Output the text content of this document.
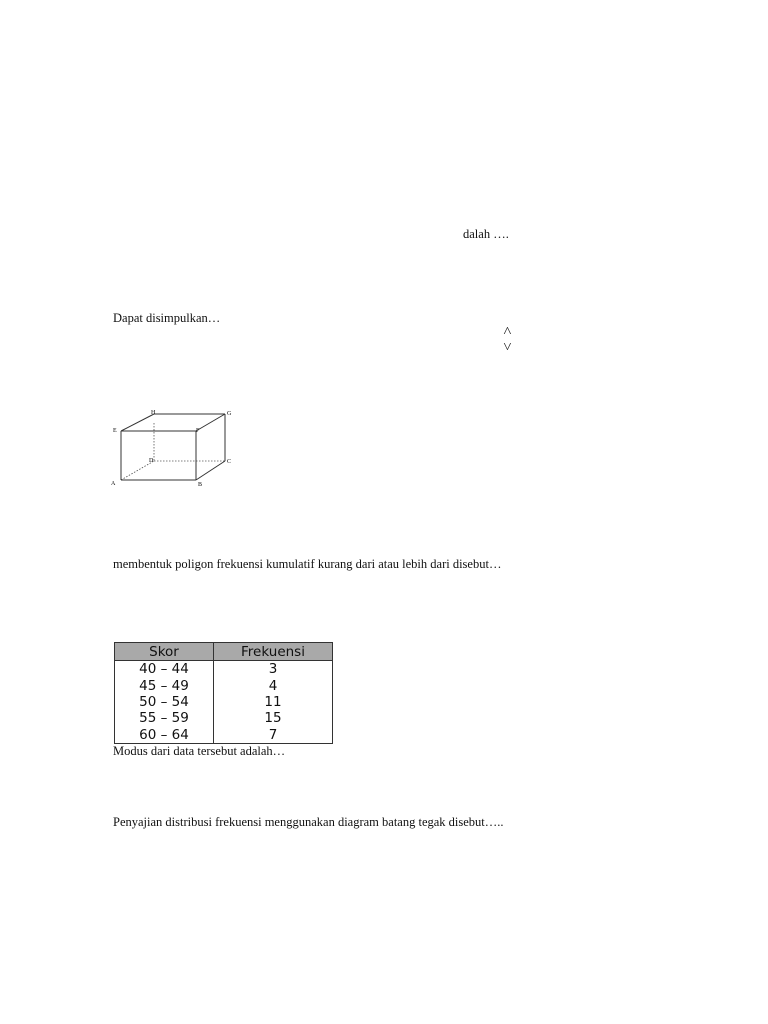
dalah ….
Dapat disimpulkan…
<
>
A	B
C
D
E	F
G
H
membentuk poligon frekuensi kumulatif kurang dari atau lebih dari disebut…
Skor	Frekuensi
40 – 44	3
45 – 49	4
50 – 54	11
55 – 59	15
60 – 64	7
Modus dari data tersebut adalah…
Penyajian distribusi frekuensi menggunakan diagram batang tegak disebut…..
